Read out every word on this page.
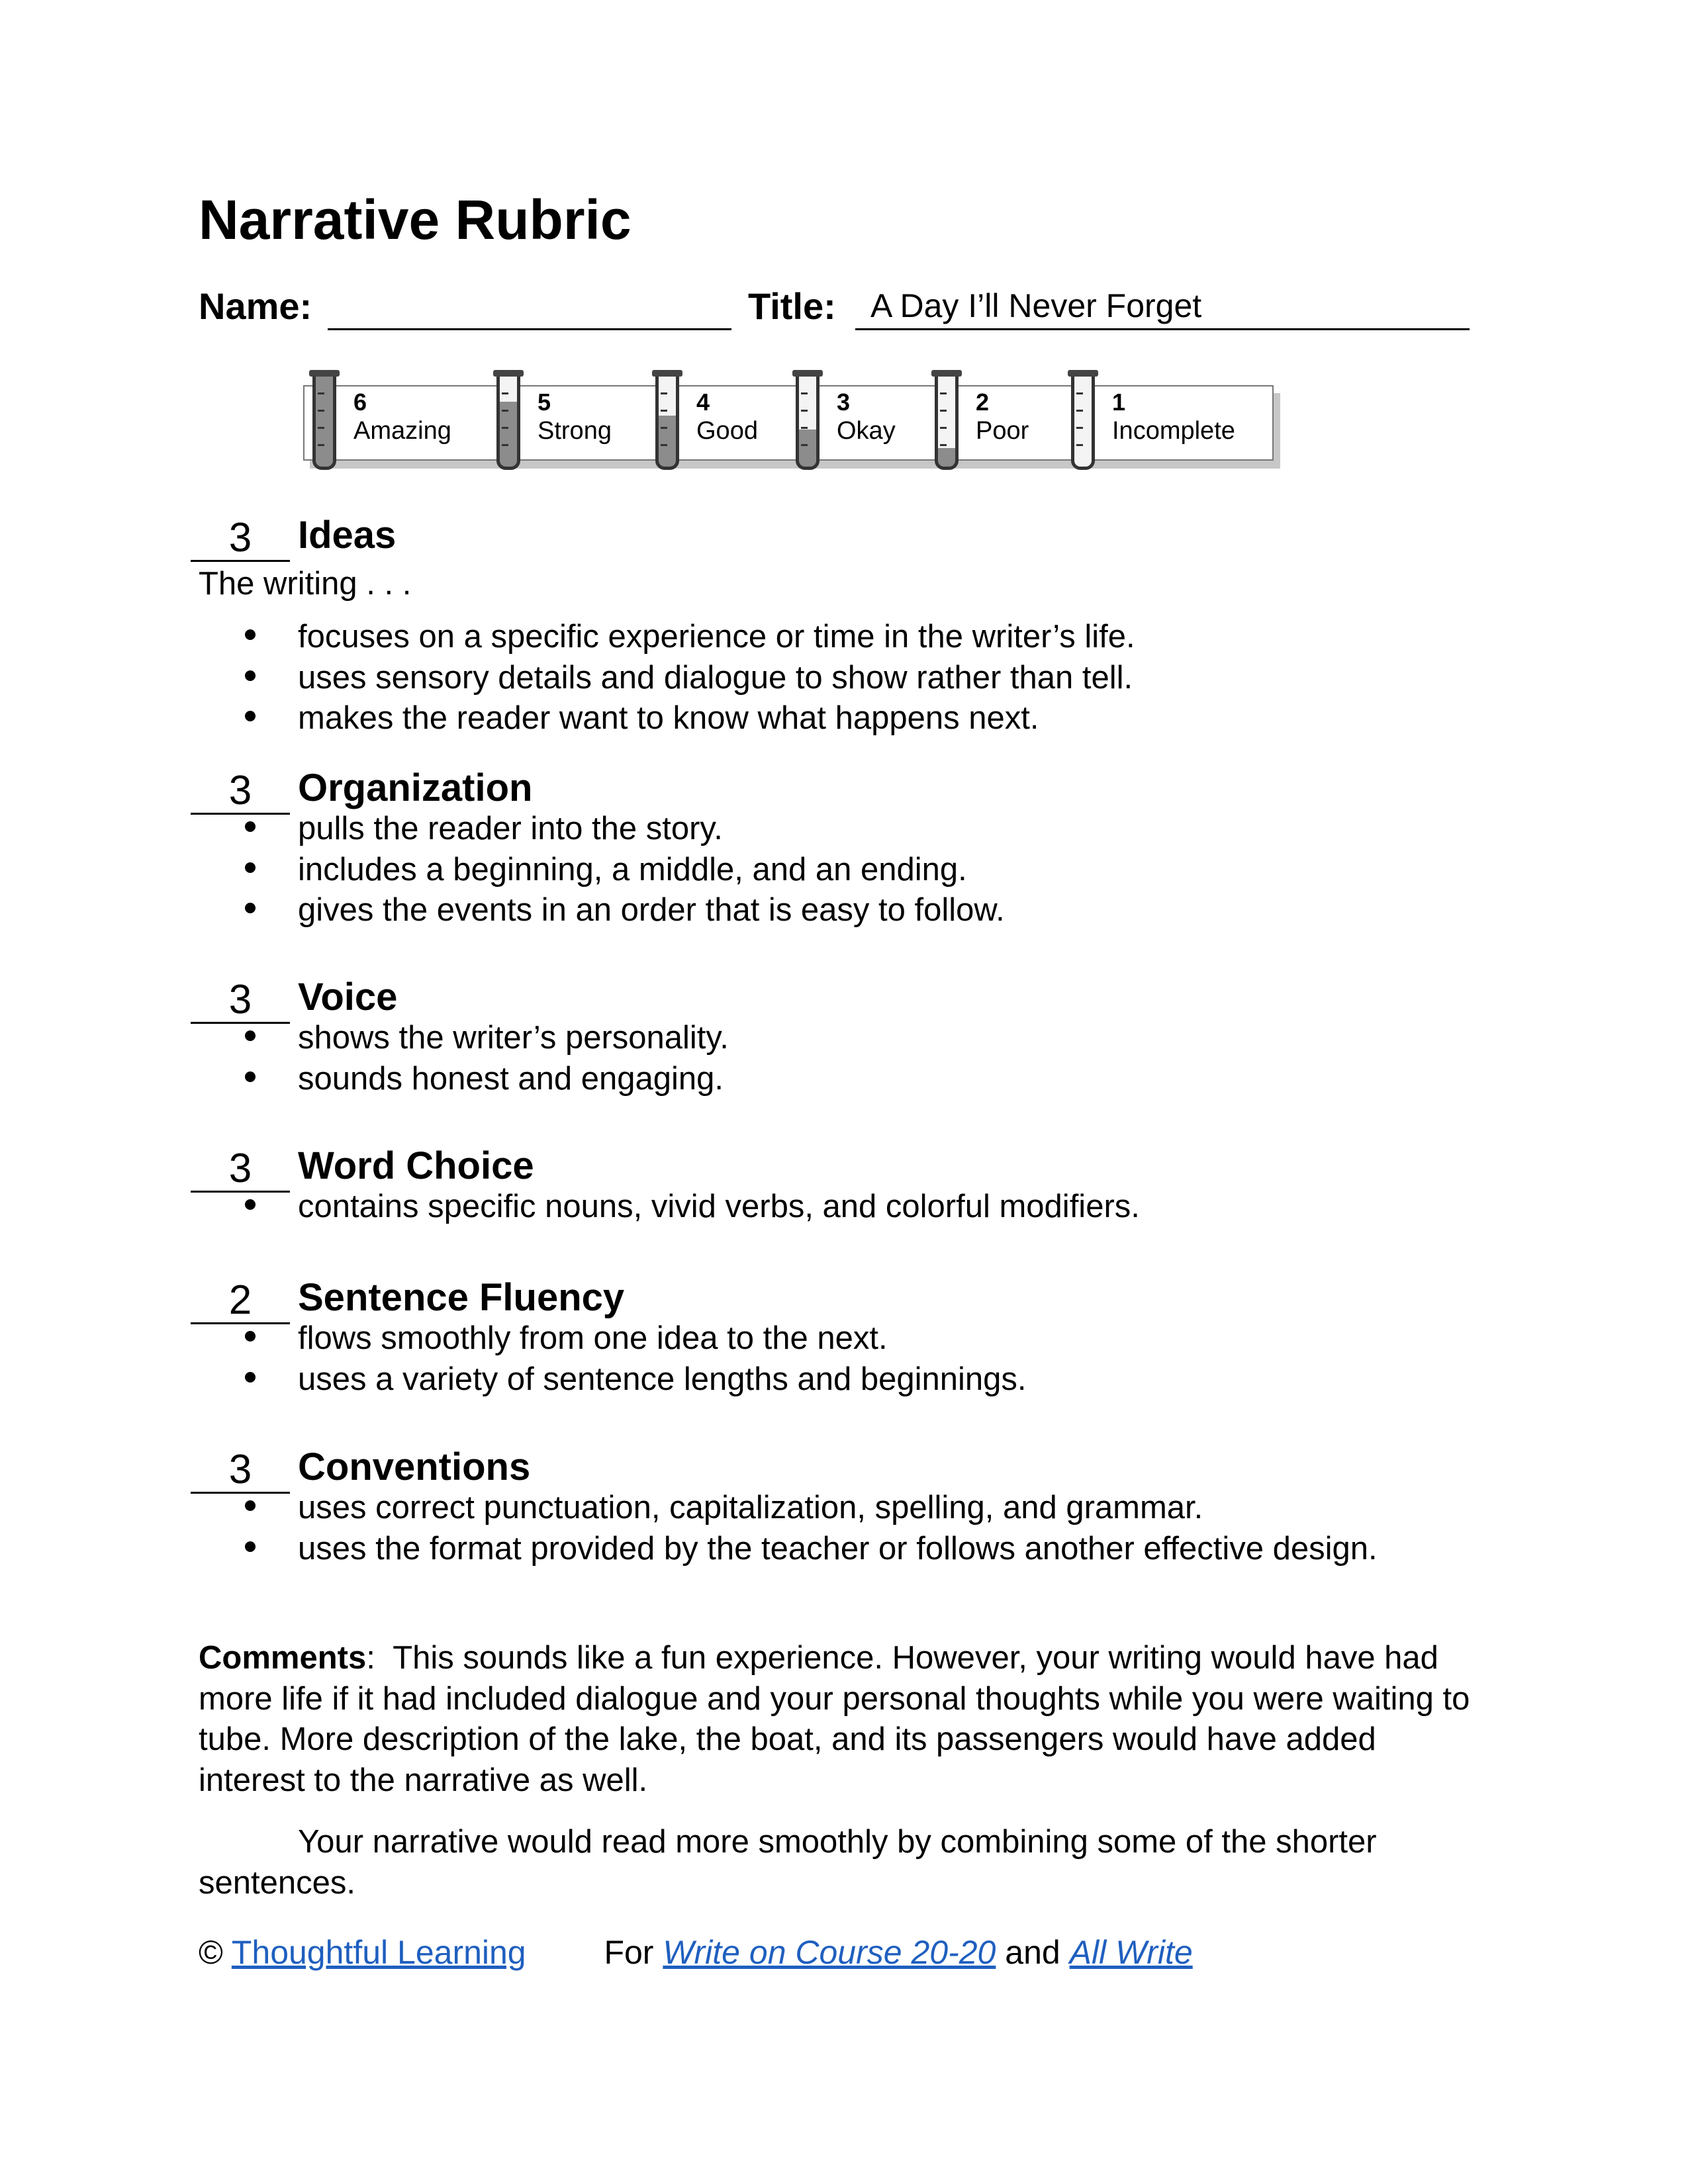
Narrative Rubric
Name:	Title: A Day I’ll Never Forget
6
Amazing
5
Strong
4
Good
3
Okay
2
Poor
1
Incomplete
3	Ideas
The writing . . .
focuses on a specific experience or time in the writer’s life.
uses sensory details and dialogue to show rather than tell.
makes the reader want to know what happens next.
3	Organization
pulls the reader into the story.
includes a beginning, a middle, and an ending.
gives the events in an order that is easy to follow.
3	Voice
shows the writer’s personality.
sounds honest and engaging.
3	Word Choice
contains specific nouns, vivid verbs, and colorful modifiers.
2	Sentence Fluency
flows smoothly from one idea to the next.
uses a variety of sentence lengths and beginnings.
3	Conventions
uses correct punctuation, capitalization, spelling, and grammar.
uses the format provided by the teacher or follows another effective design.

Comments:  This sounds like a fun experience. However, your writing would have had more life if it had included dialogue and your personal thoughts while you were waiting to tube. More description of the lake, the boat, and its passengers would have added interest to the narrative as well.

Your narrative would read more smoothly by combining some of the shorter sentences.

© Thoughtful Learning For Write on Course 20-20 and All Write
